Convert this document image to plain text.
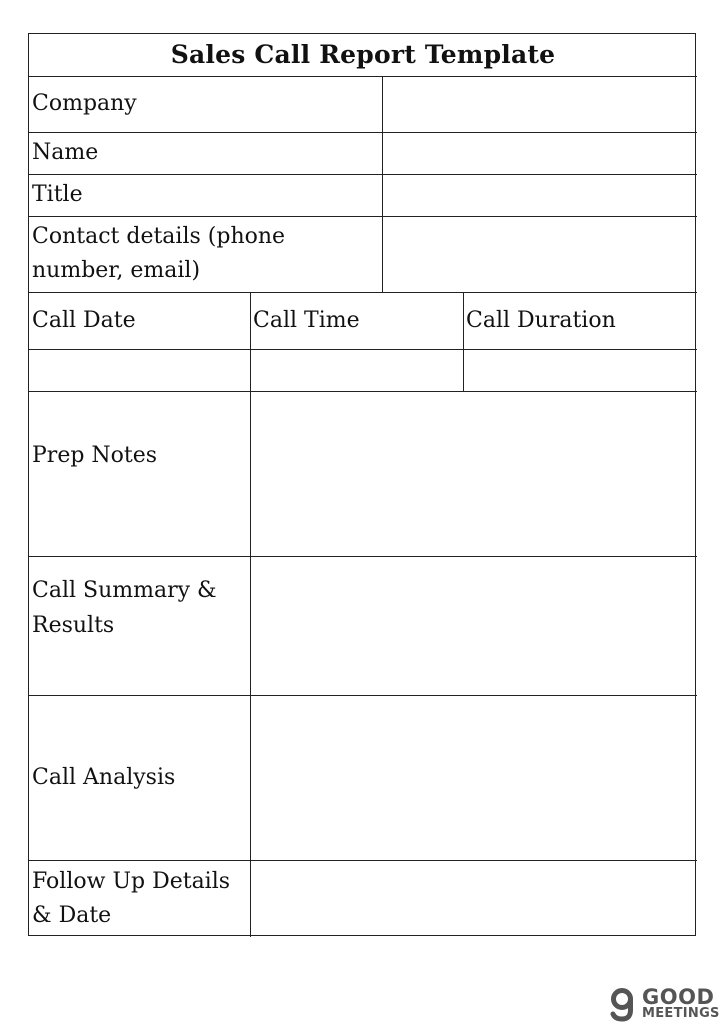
Sales Call Report Template
Company
Name
Title
Contact details (phone
number, email)
Call Date	Call Time	Call Duration
Prep Notes
Call Summary &
Results
Call Analysis
Follow Up Details
& Date
GOOD
MEETINGS
